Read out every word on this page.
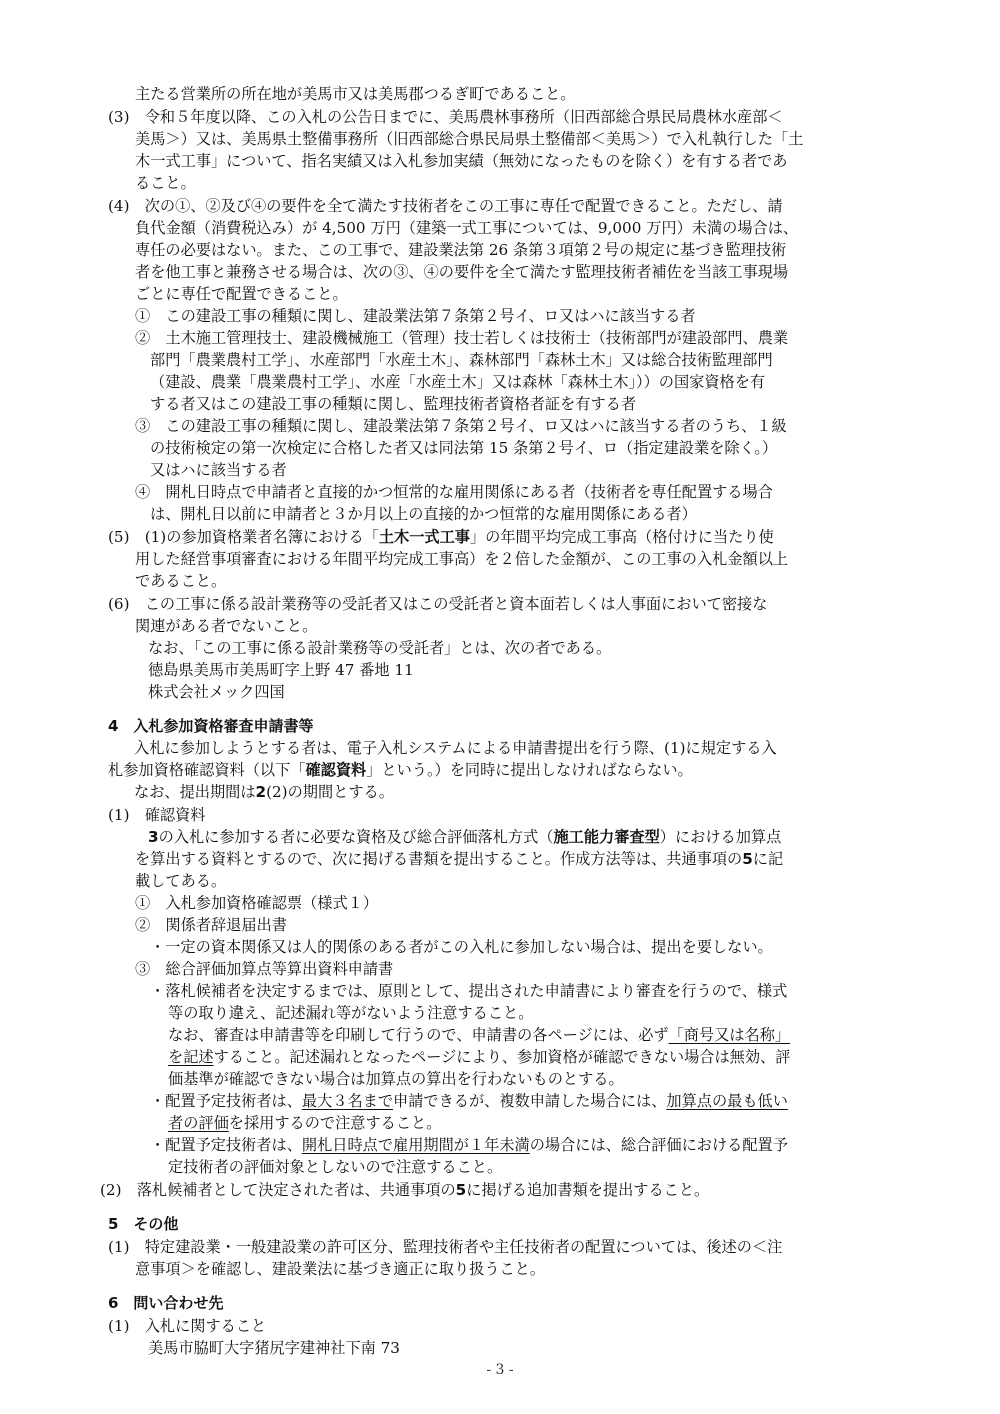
主たる営業所の所在地が美馬市又は美馬郡つるぎ町であること。
(3)　令和５年度以降、この入札の公告日までに、美馬農林事務所（旧西部総合県民局農林水産部＜
美馬＞）又は、美馬県土整備事務所（旧西部総合県民局県土整備部＜美馬＞）で入札執行した「土
木一式工事」について、指名実績又は入札参加実績（無効になったものを除く）を有する者であ
ること。
(4)　次の①、②及び④の要件を全て満たす技術者をこの工事に専任で配置できること。ただし、請
負代金額（消費税込み）が 4,500 万円（建築一式工事については、9,000 万円）未満の場合は、
専任の必要はない。また、この工事で、建設業法第 26 条第３項第２号の規定に基づき監理技術
者を他工事と兼務させる場合は、次の③、④の要件を全て満たす監理技術者補佐を当該工事現場
ごとに専任で配置できること。
①　この建設工事の種類に関し、建設業法第７条第２号イ、ロ又はハに該当する者
②　土木施工管理技士、建設機械施工（管理）技士若しくは技術士（技術部門が建設部門、農業
部門「農業農村工学」、水産部門「水産土木」、森林部門「森林土木」又は総合技術監理部門
（建設、農業「農業農村工学」、水産「水産土木」又は森林「森林土木」））の国家資格を有
する者又はこの建設工事の種類に関し、監理技術者資格者証を有する者
③　この建設工事の種類に関し、建設業法第７条第２号イ、ロ又はハに該当する者のうち、１級
の技術検定の第一次検定に合格した者又は同法第 15 条第２号イ、ロ（指定建設業を除く。）
又はハに該当する者
④　開札日時点で申請者と直接的かつ恒常的な雇用関係にある者（技術者を専任配置する場合
は、開札日以前に申請者と３か月以上の直接的かつ恒常的な雇用関係にある者）
(5)　(1)の参加資格業者名簿における「土木一式工事」の年間平均完成工事高（格付けに当たり使
用した経営事項審査における年間平均完成工事高）を２倍した金額が、この工事の入札金額以上
であること。
(6)　この工事に係る設計業務等の受託者又はこの受託者と資本面若しくは人事面において密接な
関連がある者でないこと。
なお、「この工事に係る設計業務等の受託者」とは、次の者である。
徳島県美馬市美馬町字上野 47 番地 11
株式会社メック四国
4　入札参加資格審査申請書等
入札に参加しようとする者は、電子入札システムによる申請書提出を行う際、(1)に規定する入
札参加資格確認資料（以下「確認資料」という。）を同時に提出しなければならない。
なお、提出期間は2(2)の期間とする。
(1)　確認資料
3の入札に参加する者に必要な資格及び総合評価落札方式（施工能力審査型）における加算点
を算出する資料とするので、次に掲げる書類を提出すること。作成方法等は、共通事項の5に記
載してある。
①　入札参加資格確認票（様式１）
②　関係者辞退届出書
・一定の資本関係又は人的関係のある者がこの入札に参加しない場合は、提出を要しない。
③　総合評価加算点等算出資料申請書
・落札候補者を決定するまでは、原則として、提出された申請書により審査を行うので、様式
等の取り違え、記述漏れ等がないよう注意すること。
なお、審査は申請書等を印刷して行うので、申請書の各ページには、必ず「商号又は名称」
を記述すること。記述漏れとなったページにより、参加資格が確認できない場合は無効、評
価基準が確認できない場合は加算点の算出を行わないものとする。
・配置予定技術者は、最大３名まで申請できるが、複数申請した場合には、加算点の最も低い
者の評価を採用するので注意すること。
・配置予定技術者は、開札日時点で雇用期間が１年未満の場合には、総合評価における配置予
定技術者の評価対象としないので注意すること。
(2)　落札候補者として決定された者は、共通事項の5に掲げる追加書類を提出すること。
5　その他
(1)　特定建設業・一般建設業の許可区分、監理技術者や主任技術者の配置については、後述の＜注
意事項＞を確認し、建設業法に基づき適正に取り扱うこと。
6　問い合わせ先
(1)　入札に関すること
美馬市脇町大字猪尻字建神社下南 73
- 3 -
